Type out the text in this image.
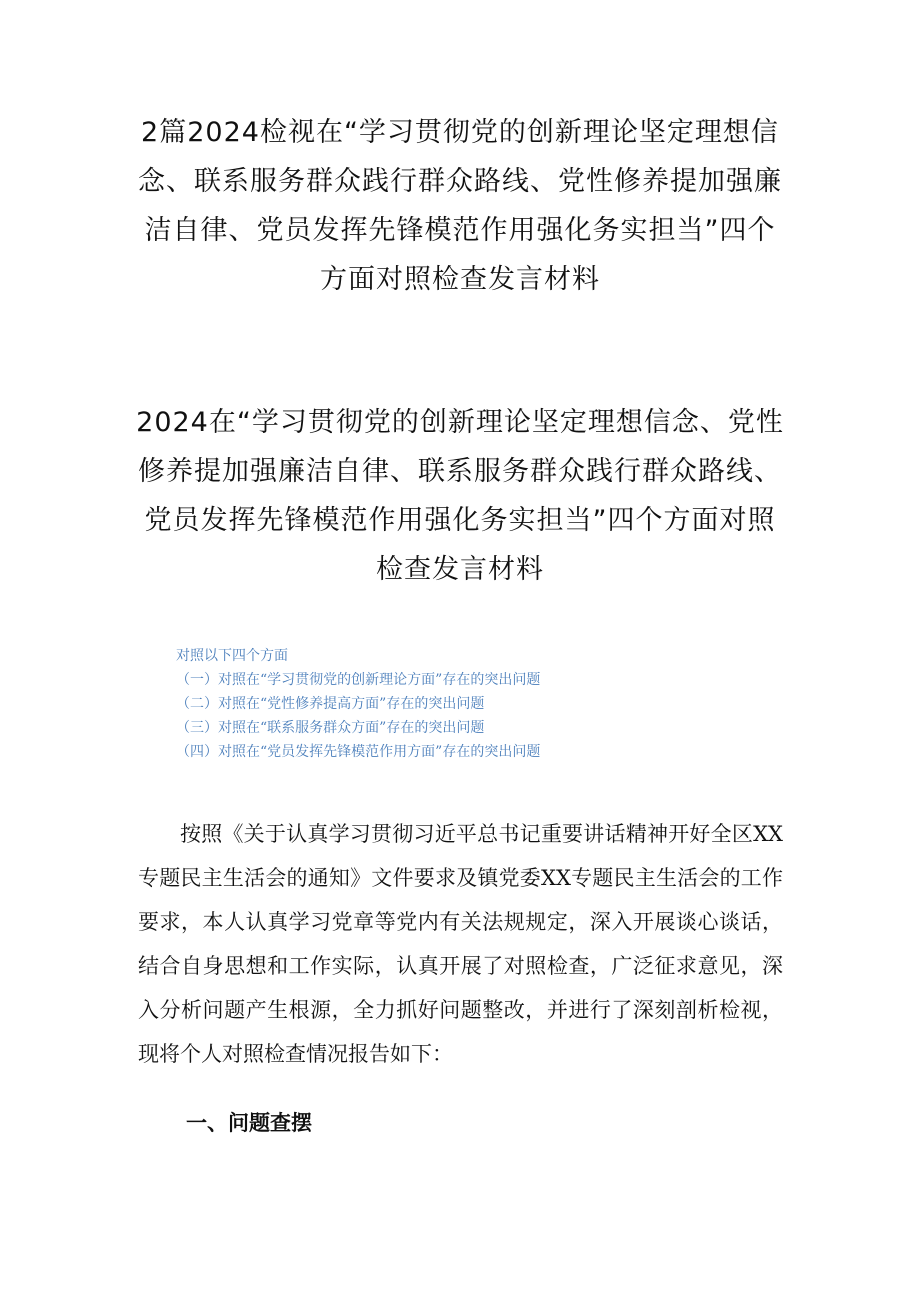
2篇2024检视在“学习贯彻党的创新理论坚定理想信念、联系服务群众践行群众路线、党性修养提加强廉洁自律、党员发挥先锋模范作用强化务实担当”四个方面对照检查发言材料
2024在“学习贯彻党的创新理论坚定理想信念、党性修养提加强廉洁自律、联系服务群众践行群众路线、党员发挥先锋模范作用强化务实担当”四个方面对照检查发言材料
对照以下四个方面
（一）对照在“学习贯彻党的创新理论方面”存在的突出问题
（二）对照在“党性修养提高方面”存在的突出问题
（三）对照在“联系服务群众方面”存在的突出问题
（四）对照在“党员发挥先锋模范作用方面”存在的突出问题
按照《关于认真学习贯彻习近平总书记重要讲话精神开好全区XX专题民主生活会的通知》文件要求及镇党委XX专题民主生活会的工作要求，本人认真学习党章等党内有关法规规定，深入开展谈心谈话，结合自身思想和工作实际，认真开展了对照检查，广泛征求意见，深入分析问题产生根源，全力抓好问题整改，并进行了深刻剖析检视，现将个人对照检查情况报告如下：
一、问题查摆
